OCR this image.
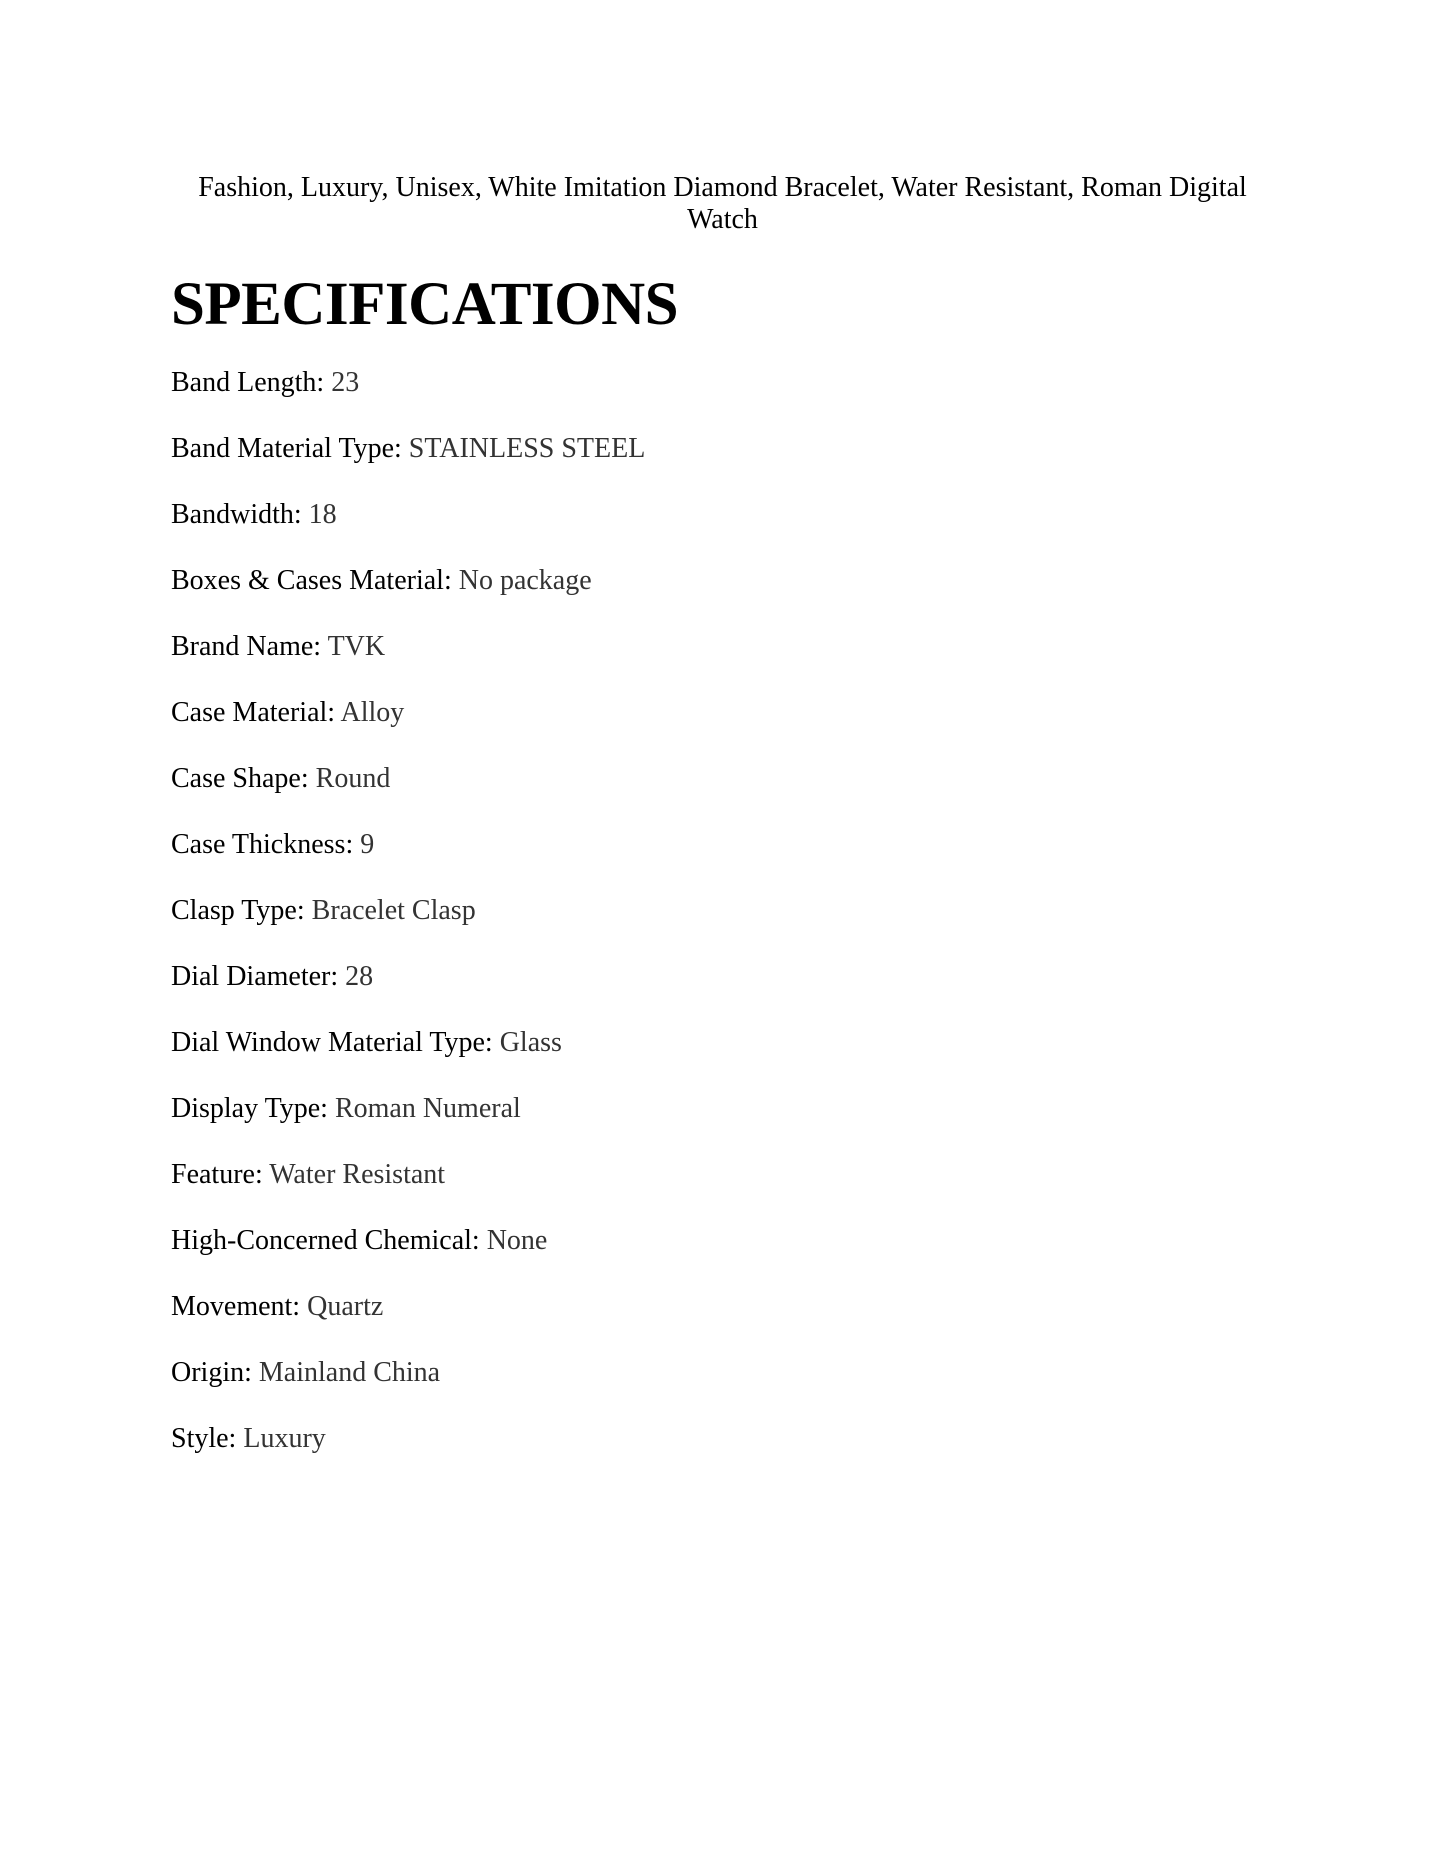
Fashion, Luxury, Unisex, White Imitation Diamond Bracelet, Water Resistant, Roman Digital Watch

SPECIFICATIONS
Band Length: 23
Band Material Type: STAINLESS STEEL
Bandwidth: 18
Boxes & Cases Material: No package
Brand Name: TVK
Case Material: Alloy
Case Shape: Round
Case Thickness: 9
Clasp Type: Bracelet Clasp
Dial Diameter: 28
Dial Window Material Type: Glass
Display Type: Roman Numeral
Feature: Water Resistant
High-Concerned Chemical: None
Movement: Quartz
Origin: Mainland China
Style: Luxury
